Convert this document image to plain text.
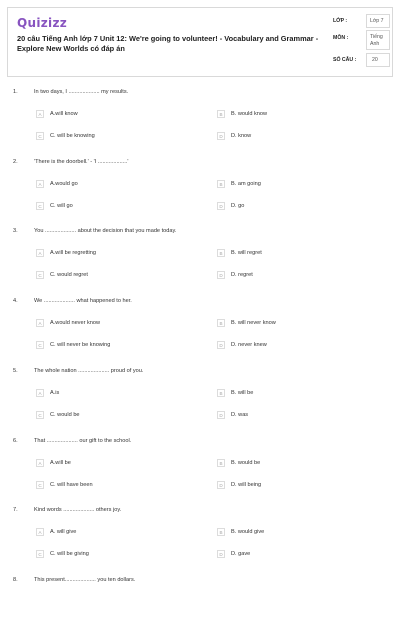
Quizizz
20 câu Tiếng Anh lớp 7 Unit 12: We're going to volunteer! - Vocabulary and Grammar - Explore New Worlds có đáp án
LỚP :	Lớp 7
MÔN :	Tiếng Anh
SỐ CÂU :	20
1.	In two days, I .................... my results.
A	A.will know	B	B. would know
C	C. will be knowing	D	D. know
2.	'There is the doorbell.' - 'I ...................'
A	A.would go	B	B. am going
C	C. will go	D	D. go
3.	You .................... about the decision that you made today.
A	A.will be regretting	B	B. will regret
C	C. would regret	D	D. regret
4.	We .................... what happened to her.
A	A.would never know	B	B. will never know
C	C. will never be knowing	D	D. never knew
5.	The whole nation .................... proud of you.
A	A.is	B	B. will be
C	C. would be	D	D. was
6.	That .................... our gift to the school.
A	A.will be	B	B. would be
C	C. will have been	D	D. will being
7.	Kind words .................... others joy.
A	A. will give	B	B. would give
C	C. will be giving	D	D. gave
8.	This present.................... you ten dollars.
